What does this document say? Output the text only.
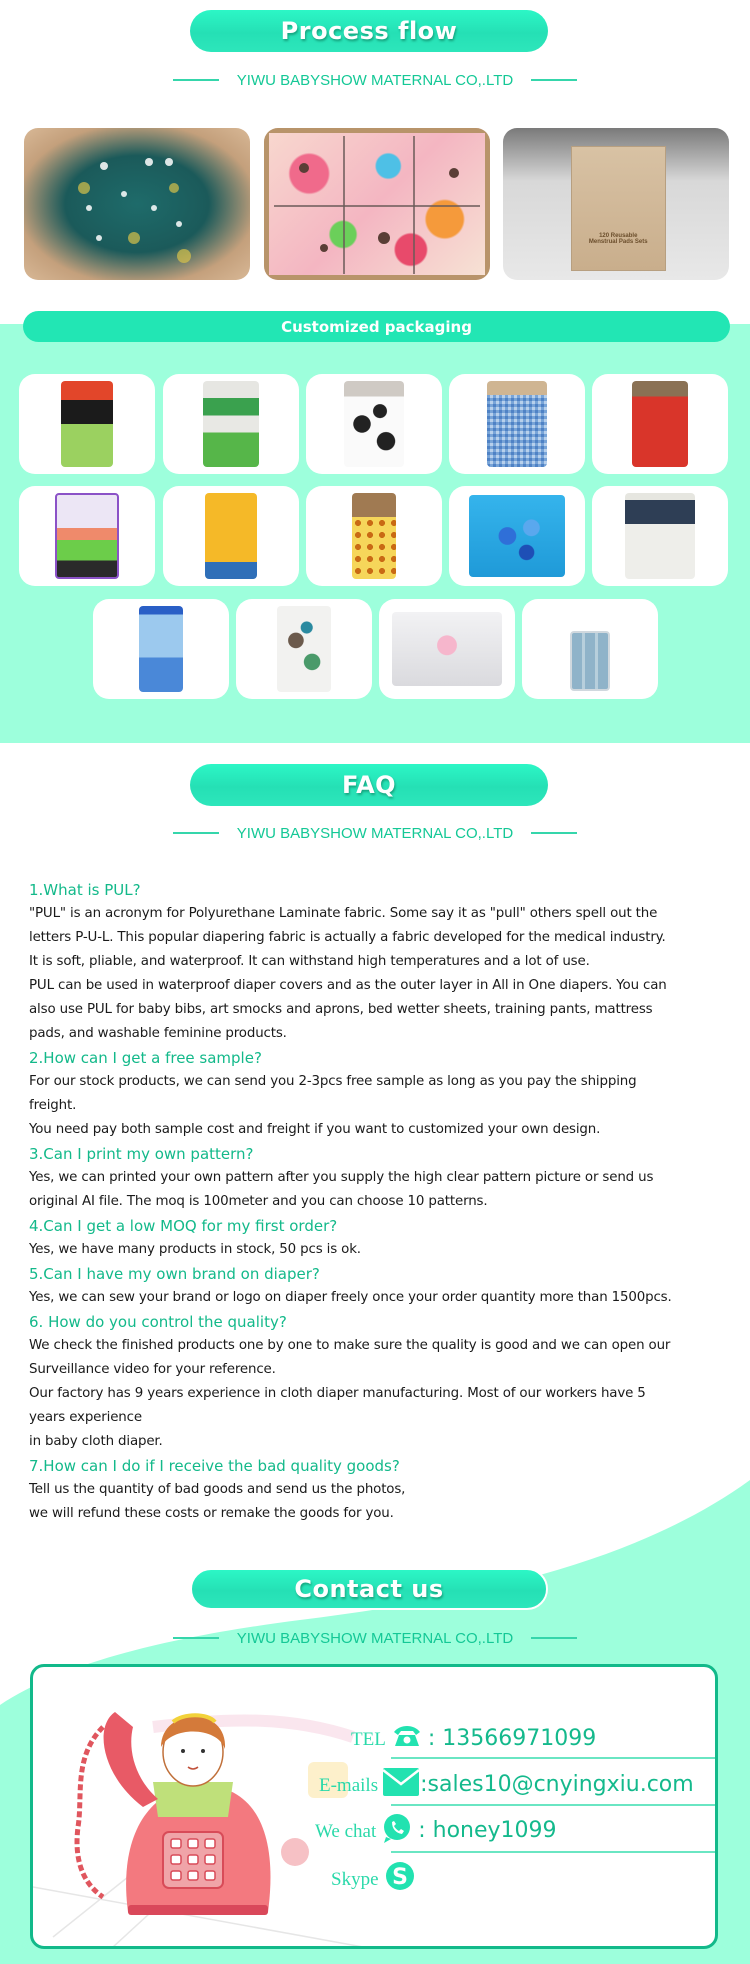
Process flow
YIWU BABYSHOW MATERNAL CO,.LTD
120 Reusable
Menstrual Pads Sets
Customized packaging
FAQ
YIWU BABYSHOW MATERNAL CO,.LTD
1.What is PUL?
"PUL" is an acronym for Polyurethane Laminate fabric. Some say it as "pull" others spell out the
letters P-U-L. This popular diapering fabric is actually a fabric developed for the medical industry.
It is soft, pliable, and waterproof. It can withstand high temperatures and a lot of use.
PUL can be used in waterproof diaper covers and as the outer layer in All in One diapers. You can
also use PUL for baby bibs, art smocks and aprons, bed wetter sheets, training pants, mattress
pads, and washable feminine products.
2.How can I get a free sample?
For our stock products, we can send you 2-3pcs free sample as long as you pay the shipping
freight.
You need pay both sample cost and freight if you want to customized your own design.
3.Can I print my own pattern?
Yes, we can printed your own pattern after you supply the high clear pattern picture or send us
original AI file. The moq is 100meter and you can choose 10 patterns.
4.Can I get a low MOQ for my first order?
Yes, we have many products in stock, 50 pcs is ok.
5.Can I have my own brand on diaper?
Yes, we can sew your brand or logo on diaper freely once your order quantity more than 1500pcs.
6. How do you control the quality?
We check the finished products one by one to make sure the quality is good and we can open our
Surveillance video for your reference.
Our factory has 9 years experience in cloth diaper manufacturing. Most of our workers have 5
years experience
in baby cloth diaper.
7.How can I do if I receive the bad quality goods?
Tell us the quantity of bad goods and send us the photos,
we will refund these costs or remake the goods for you.
Contact us
YIWU BABYSHOW MATERNAL CO,.LTD
TEL : 13566971099
E-mails :sales10@cnyingxiu.com
We chat : honey1099
Skype S
